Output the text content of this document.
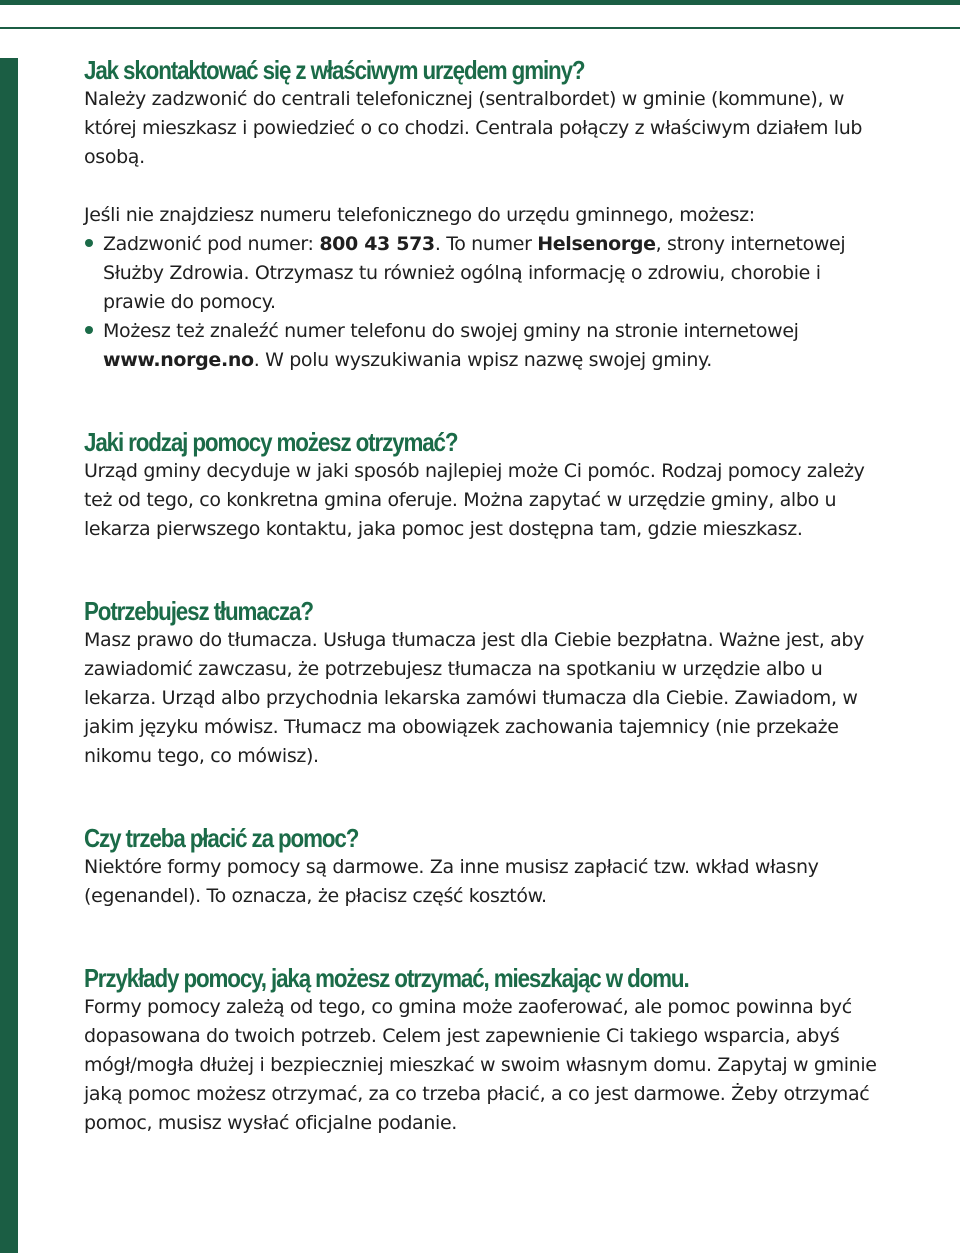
Jak skontaktować się z właściwym urzędem gminy?

Należy zadzwonić do centrali telefonicznej (sentralbordet) w gminie (kommune), w której mieszkasz i powiedzieć o co chodzi. Centrala połączy z właściwym działem lub osobą.

Jeśli nie znajdziesz numeru telefonicznego do urzędu gminnego, możesz:

Zadzwonić pod numer: 800 43 573. To numer Helsenorge, strony internetowej Służby Zdrowia. Otrzymasz tu również ogólną informację o zdrowiu, chorobie i prawie do pomocy.
Możesz też znaleźć numer telefonu do swojej gminy na stronie internetowej www.norge.no. W polu wyszukiwania wpisz nazwę swojej gminy.
Jaki rodzaj pomocy możesz otrzymać?

Urząd gminy decyduje w jaki sposób najlepiej może Ci pomóc. Rodzaj pomocy zależy też od tego, co konkretna gmina oferuje. Można zapytać w urzędzie gminy, albo u lekarza pierwszego kontaktu, jaka pomoc jest dostępna tam, gdzie mieszkasz.

Potrzebujesz tłumacza?

Masz prawo do tłumacza. Usługa tłumacza jest dla Ciebie bezpłatna. Ważne jest, aby zawiadomić zawczasu, że potrzebujesz tłumacza na spotkaniu w urzędzie albo u lekarza. Urząd albo przychodnia lekarska zamówi tłumacza dla Ciebie. Zawiadom, w jakim języku mówisz. Tłumacz ma obowiązek zachowania tajemnicy (nie przekaże nikomu tego, co mówisz).

Czy trzeba płacić za pomoc?

Niektóre formy pomocy są darmowe. Za inne musisz zapłacić tzw. wkład własny (egenandel). To oznacza, że płacisz część kosztów.

Przykłady pomocy, jaką możesz otrzymać, mieszkając w domu.

Formy pomocy zależą od tego, co gmina może zaoferować, ale pomoc powinna być dopasowana do twoich potrzeb. Celem jest zapewnienie Ci takiego wsparcia, abyś mógł/mogła dłużej i bezpieczniej mieszkać w swoim własnym domu. Zapytaj w gminie jaką pomoc możesz otrzymać, za co trzeba płacić, a co jest darmowe. Żeby otrzymać pomoc, musisz wysłać oficjalne podanie.
